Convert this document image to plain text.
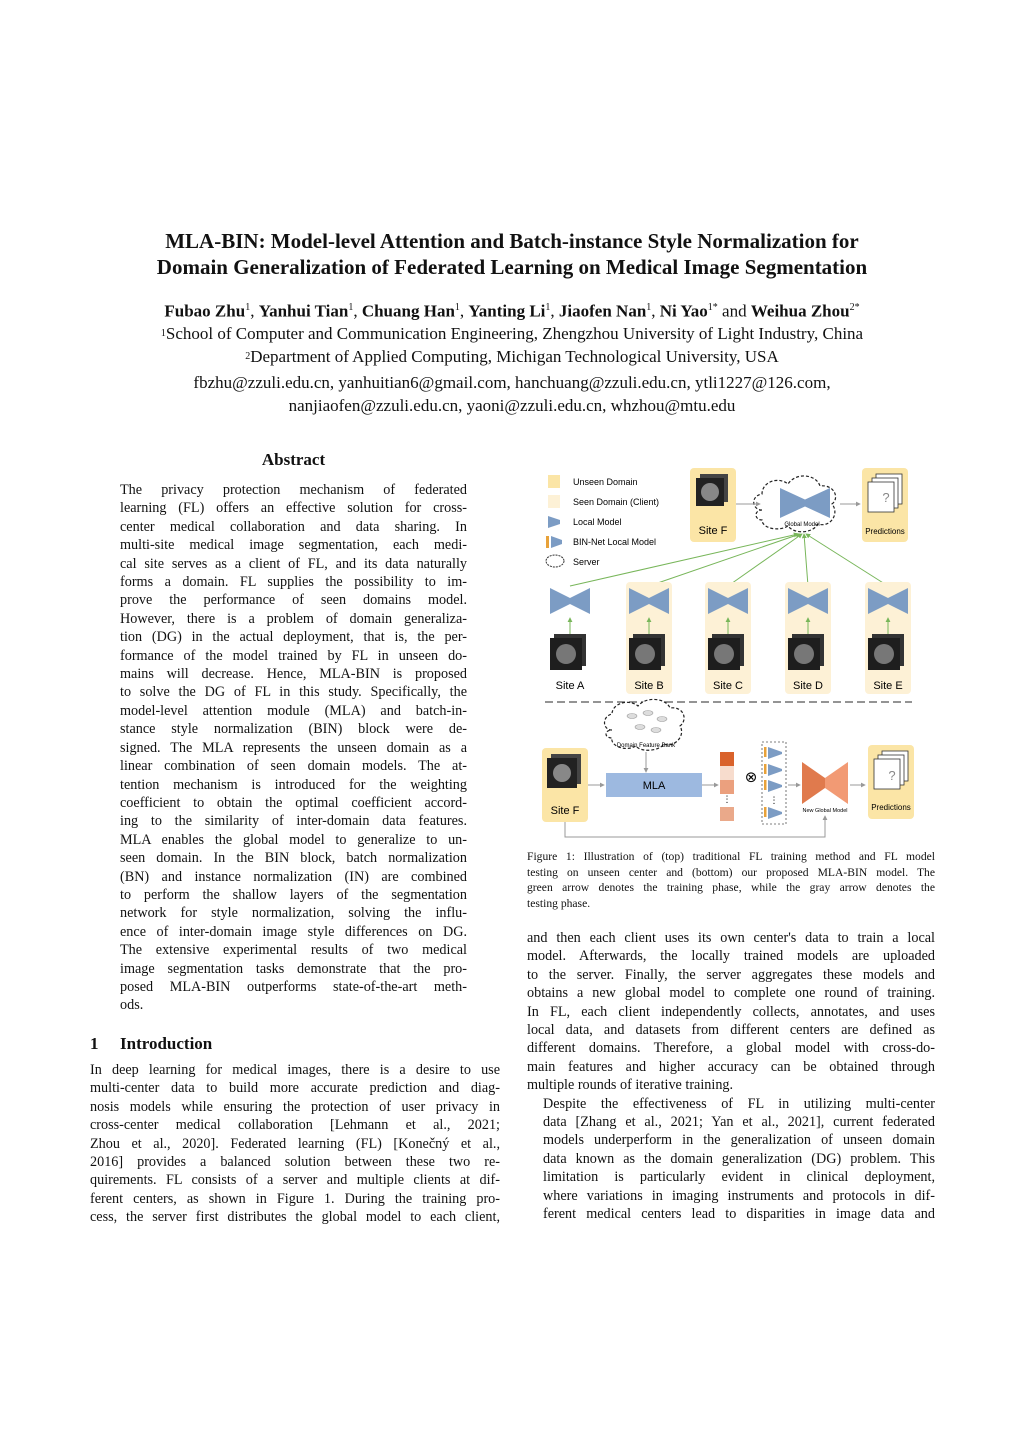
MLA-BIN: Model-level Attention and Batch-instance Style Normalization for
Domain Generalization of Federated Learning on Medical Image Segmentation
Fubao Zhu$^1$, Yanhui Tian$^1$, Chuang Han$^1$, Yanting Li$^1$, Jiaofen Nan$^1$, Ni Yao$^{1*}$ and Weihua Zhou$^{2*}$
$^1$School of Computer and Communication Engineering, Zhengzhou University of Light Industry, China
$^2$Department of Applied Computing, Michigan Technological University, USA
fbzhu@zzuli.edu.cn, yanhuitian6@gmail.com, hanchuang@zzuli.edu.cn, ytli1227@126.com,
nanjiaofen@zzuli.edu.cn, yaoni@zzuli.edu.cn, whzhou@mtu.edu
Abstract
The privacy protection mechanism of federated
learning (FL) offers an effective solution for cross-
center medical collaboration and data sharing. In
multi-site medical image segmentation, each medi-
cal site serves as a client of FL, and its data naturally
forms a domain. FL supplies the possibility to im-
prove the performance of seen domains model.
However, there is a problem of domain generaliza-
tion (DG) in the actual deployment, that is, the per-
formance of the model trained by FL in unseen do-
mains will decrease. Hence, MLA-BIN is proposed
to solve the DG of FL in this study. Specifically, the
model-level attention module (MLA) and batch-in-
stance style normalization (BIN) block were de-
signed. The MLA represents the unseen domain as a
linear combination of seen domain models. The at-
tention mechanism is introduced for the weighting
coefficient to obtain the optimal coefficient accord-
ing to the similarity of inter-domain data features.
MLA enables the global model to generalize to un-
seen domain. In the BIN block, batch normalization
(BN) and instance normalization (IN) are combined
to perform the shallow layers of the segmentation
network for style normalization, solving the influ-
ence of inter-domain image style differences on DG.
The extensive experimental results of two medical
image segmentation tasks demonstrate that the pro-
posed MLA-BIN outperforms state-of-the-art meth-
ods.
1 Introduction
In deep learning for medical images, there is a desire to use
multi-center data to build more accurate prediction and diag-
nosis models while ensuring the protection of user privacy in
cross-center medical collaboration [Lehmann et al., 2021;
Zhou et al., 2020]. Federated learning (FL) [Konečný et al.,
2016] provides a balanced solution between these two re-
quirements. FL consists of a server and multiple clients at dif-
ferent centers, as shown in Figure 1. During the training pro-
cess, the server first distributes the global model to each client,
Unseen Domain
Seen Domain (Client)
Local Model
BIN-Net Local Model
Server
Site F	Global Model
?
Predictions
Site A	Site B	Site C	Site D	Site E
Domain Feature Bank
Site F
MLA
⋮
⊗
⋮
New Global Model
?
Predictions
Figure 1: Illustration of (top) traditional FL training method and FL model
testing on unseen center and (bottom) our proposed MLA-BIN model. The
green arrow denotes the training phase, while the gray arrow denotes the
testing phase.

and then each client uses its own center's data to train a local
model. Afterwards, the locally trained models are uploaded
to the server. Finally, the server aggregates these models and
obtains a new global model to complete one round of training.
In FL, each client independently collects, annotates, and uses
local data, and datasets from different centers are defined as
different domains. Therefore, a global model with cross-do-
main features and higher accuracy can be obtained through
multiple rounds of iterative training.

Despite the effectiveness of FL in utilizing multi-center
data [Zhang et al., 2021; Yan et al., 2021], current federated
models underperform in the generalization of unseen domain
data known as the domain generalization (DG) problem. This
limitation is particularly evident in clinical deployment,
where variations in imaging instruments and protocols in dif-
ferent medical centers lead to disparities in image data and
